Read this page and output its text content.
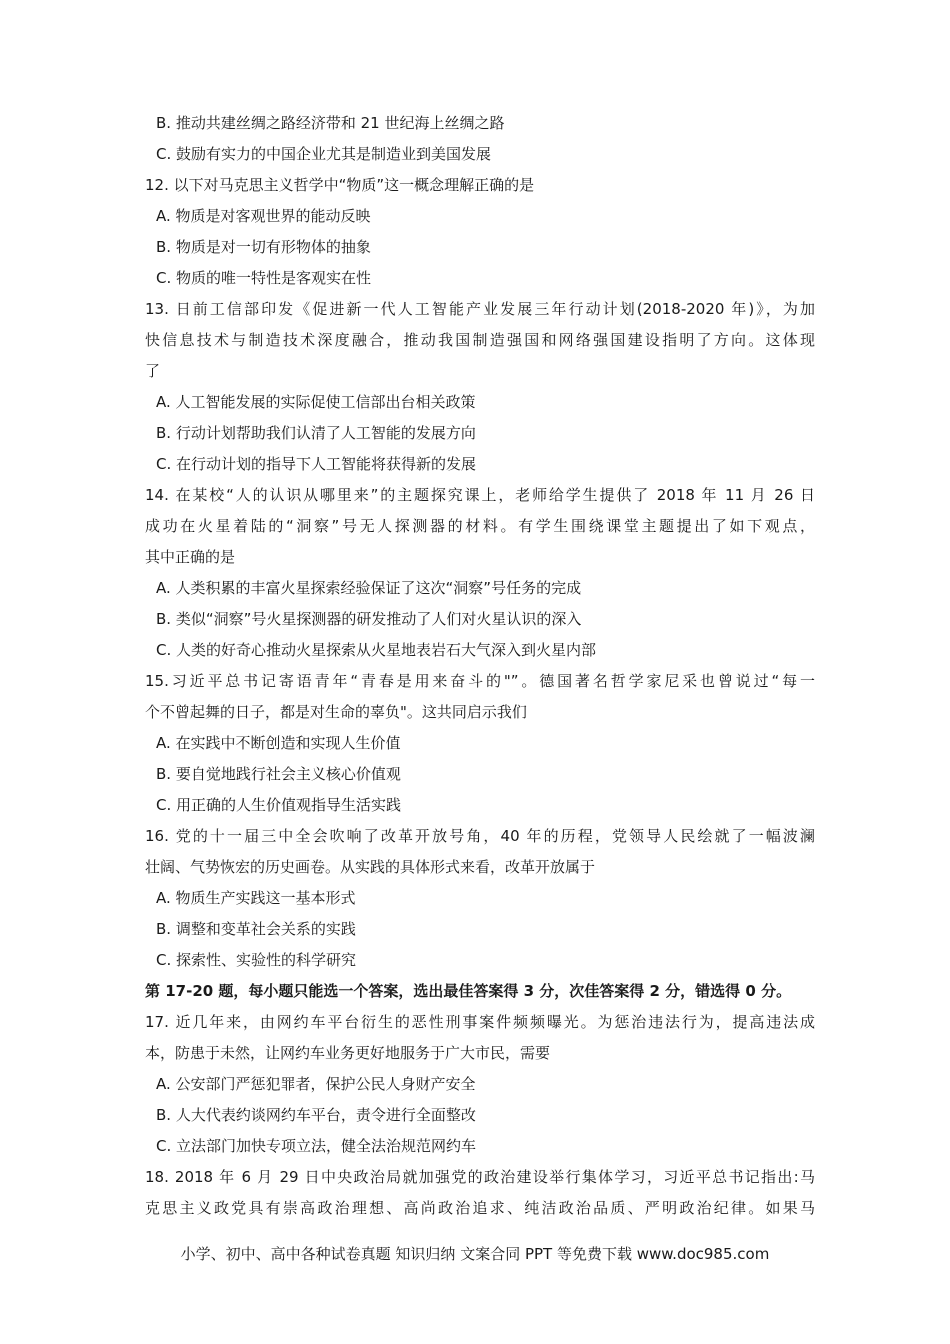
B. 推动共建丝绸之路经济带和 21 世纪海上丝绸之路
C. 鼓励有实力的中国企业尤其是制造业到美国发展
12. 以下对马克思主义哲学中“物质”这一概念理解正确的是
A. 物质是对客观世界的能动反映
B. 物质是对一切有形物体的抽象
C. 物质的唯一特性是客观实在性
13. 日前工信部印发《促进新一代人工智能产业发展三年行动计划(2018-2020 年)》，为加
快信息技术与制造技术深度融合，推动我国制造强国和网络强国建设指明了方向。这体现
了
A. 人工智能发展的实际促使工信部出台相关政策
B. 行动计划帮助我们认清了人工智能的发展方向
C. 在行动计划的指导下人工智能将获得新的发展
14. 在某校“人的认识从哪里来”的主题探究课上，老师给学生提供了 2018 年 11 月 26 日
成功在火星着陆的“洞察”号无人探测器的材料。有学生围绕课堂主题提出了如下观点，
其中正确的是
A. 人类积累的丰富火星探索经验保证了这次“洞察”号任务的完成
B. 类似“洞察”号火星探测器的研发推动了人们对火星认识的深入
C. 人类的好奇心推动火星探索从火星地表岩石大气深入到火星内部
15.习近平总书记寄语青年“青春是用来奋斗的"”。德国著名哲学家尼采也曾说过“每一
个不曾起舞的日子，都是对生命的辜负"。这共同启示我们
A. 在实践中不断创造和实现人生价值
B. 要自觉地践行社会主义核心价值观
C. 用正确的人生价值观指导生活实践
16. 党的十一届三中全会吹响了改革开放号角，40 年的历程，党领导人民绘就了一幅波澜
壮阔、气势恢宏的历史画卷。从实践的具体形式来看，改革开放属于
A. 物质生产实践这一基本形式
B. 调整和变革社会关系的实践
C. 探索性、实验性的科学研究
第 17-20 题，每小题只能选一个答案，选出最佳答案得 3 分，次佳答案得 2 分，错选得 0 分。
17. 近几年来，由网约车平台衍生的恶性刑事案件频频曝光。为惩治违法行为，提高违法成
本，防患于未然，让网约车业务更好地服务于广大市民，需要
A. 公安部门严惩犯罪者，保护公民人身财产安全
B. 人大代表约谈网约车平台，责令进行全面整改
C. 立法部门加快专项立法，健全法治规范网约车
18. 2018 年 6 月 29 日中央政治局就加强党的政治建设举行集体学习，习近平总书记指出:马
克思主义政党具有崇高政治理想、高尚政治追求、纯洁政治品质、严明政治纪律。如果马
小学、初中、高中各种试卷真题 知识归纳 文案合同 PPT 等免费下载 www.doc985.com
